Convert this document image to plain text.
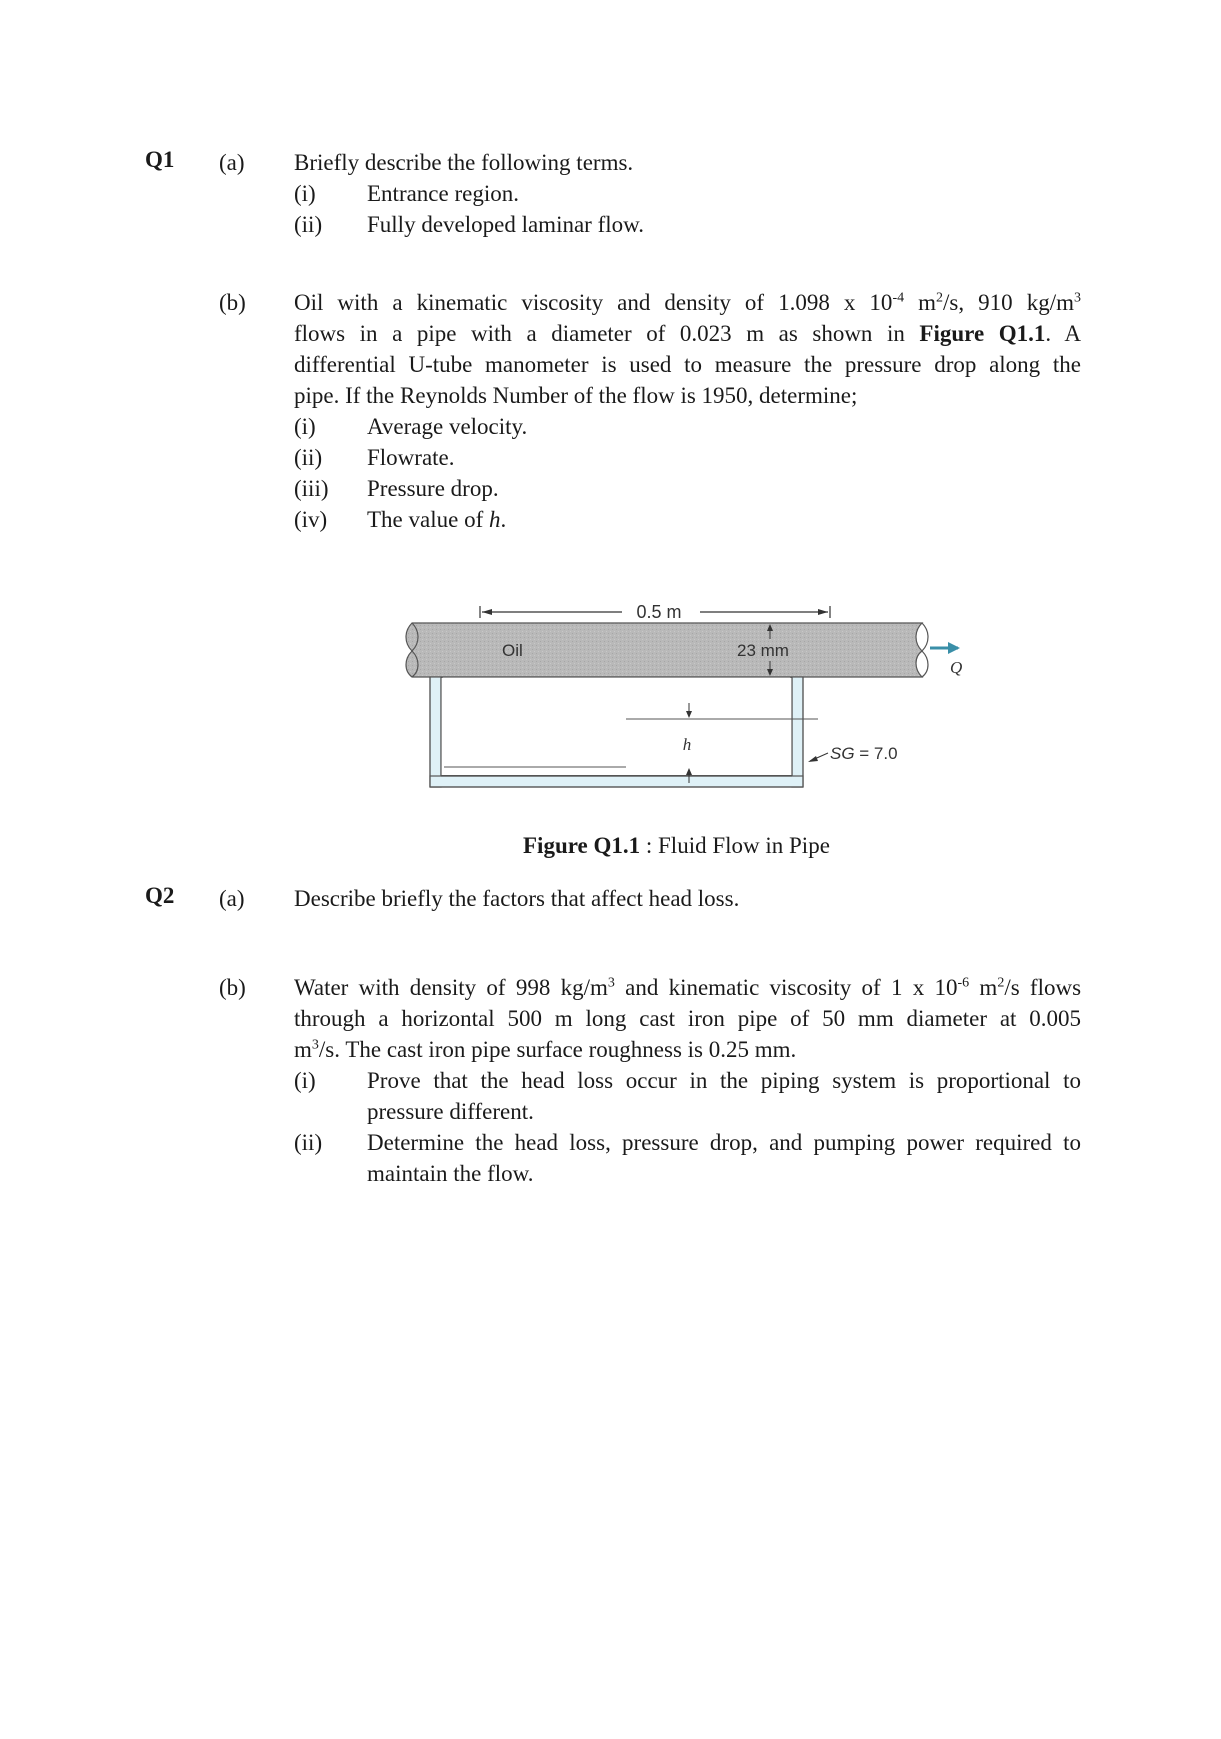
Q1 (a) Briefly describe the following terms.
(i) Entrance region.
(ii) Fully developed laminar flow.
(b) Oil with a kinematic viscosity and density of 1.098 x $10^{-4}$ $m^2/s$, 910 $kg/m^3$
flows in a pipe with a diameter of 0.023 m as shown in Figure Q1.1. A
differential U-tube manometer is used to measure the pressure drop along the
pipe. If the Reynolds Number of the flow is 1950, determine;
(i) Average velocity.
(ii) Flowrate.
(iii) Pressure drop.
(iv) The value of h.
0.5 m
Oil	23 mm
Q
h	SG = 7.0
Figure Q1.1 : Fluid Flow in Pipe
Q2 (a) Describe briefly the factors that affect head loss.
(b) Water with density of 998 $kg/m^3$ and kinematic viscosity of 1 x $10^{-6}$ $m^2/s$ flows
through a horizontal 500 m long cast iron pipe of 50 mm diameter at 0.005
$m^3/s$. The cast iron pipe surface roughness is 0.25 mm.
(i) Prove that the head loss occur in the piping system is proportional to
pressure different.
(ii) Determine the head loss, pressure drop, and pumping power required to
maintain the flow.
